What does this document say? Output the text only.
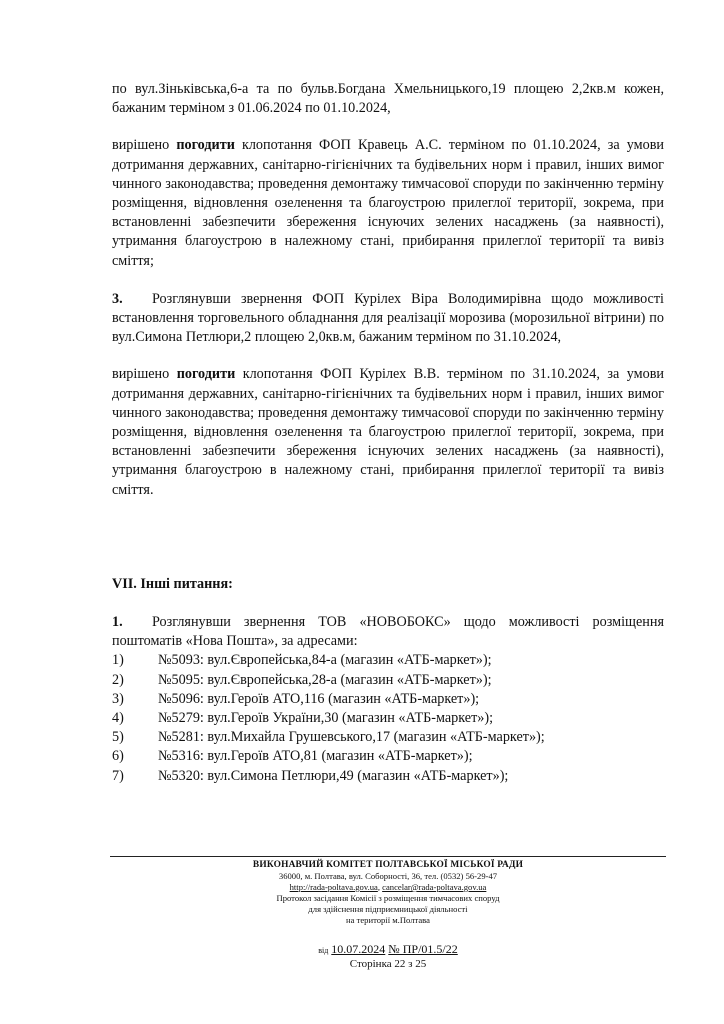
по вул.Зіньківська,6-а та по бульв.Богдана Хмельницького,19 площею 2,2кв.м кожен, бажаним терміном з 01.06.2024 по 01.10.2024,

вирішено погодити клопотання ФОП Кравець А.С. терміном по 01.10.2024, за умови дотримання державних, санітарно-гігієнічних та будівельних норм і правил, інших вимог чинного законодавства; проведення демонтажу тимчасової споруди по закінченню терміну розміщення, відновлення озеленення та благоустрою прилеглої території, зокрема, при встановленні забезпечити збереження існуючих зелених насаджень (за наявності), утримання благоустрою в належному стані, прибирання прилеглої території та вивіз сміття;

3. Розглянувши звернення ФОП Курілех Віра Володимирівна щодо можливості встановлення торговельного обладнання для реалізації морозива (морозильної вітрини) по вул.Симона Петлюри,2 площею 2,0кв.м, бажаним терміном по 31.10.2024,

вирішено погодити клопотання ФОП Курілех В.В. терміном по 31.10.2024, за умови дотримання державних, санітарно-гігієнічних та будівельних норм і правил, інших вимог чинного законодавства; проведення демонтажу тимчасової споруди по закінченню терміну розміщення, відновлення озеленення та благоустрою прилеглої території, зокрема, при встановленні забезпечити збереження існуючих зелених насаджень (за наявності), утримання благоустрою в належному стані, прибирання прилеглої території та вивіз сміття.

VII. Інші питання:

1. Розглянувши звернення ТОВ «НОВОБОКС» щодо можливості розміщення поштоматів «Нова Пошта», за адресами:

1)	№5093: вул.Європейська,84-а (магазин «АТБ-маркет»);
2)	№5095: вул.Європейська,28-а (магазин «АТБ-маркет»);
3)	№5096: вул.Героїв АТО,116 (магазин «АТБ-маркет»);
4)	№5279: вул.Героїв України,30 (магазин «АТБ-маркет»);
5)	№5281: вул.Михайла Грушевського,17 (магазин «АТБ-маркет»);
6)	№5316: вул.Героїв АТО,81 (магазин «АТБ-маркет»);
7)	№5320: вул.Симона Петлюри,49 (магазин «АТБ-маркет»);
ВИКОНАВЧИЙ КОМІТЕТ ПОЛТАВСЬКОЇ МІСЬКОЇ РАДИ
36000, м. Полтава, вул. Соборності, 36, тел. (0532) 56-29-47
http://rada-poltava.gov.ua, cancelar@rada-poltava.gov.ua
Протокол засідання Комісії з розміщення тимчасових споруд
для здійснення підприємницької діяльності
на території м.Полтава
від 10.07.2024 № ПР/01.5/22
Сторінка 22 з 25
